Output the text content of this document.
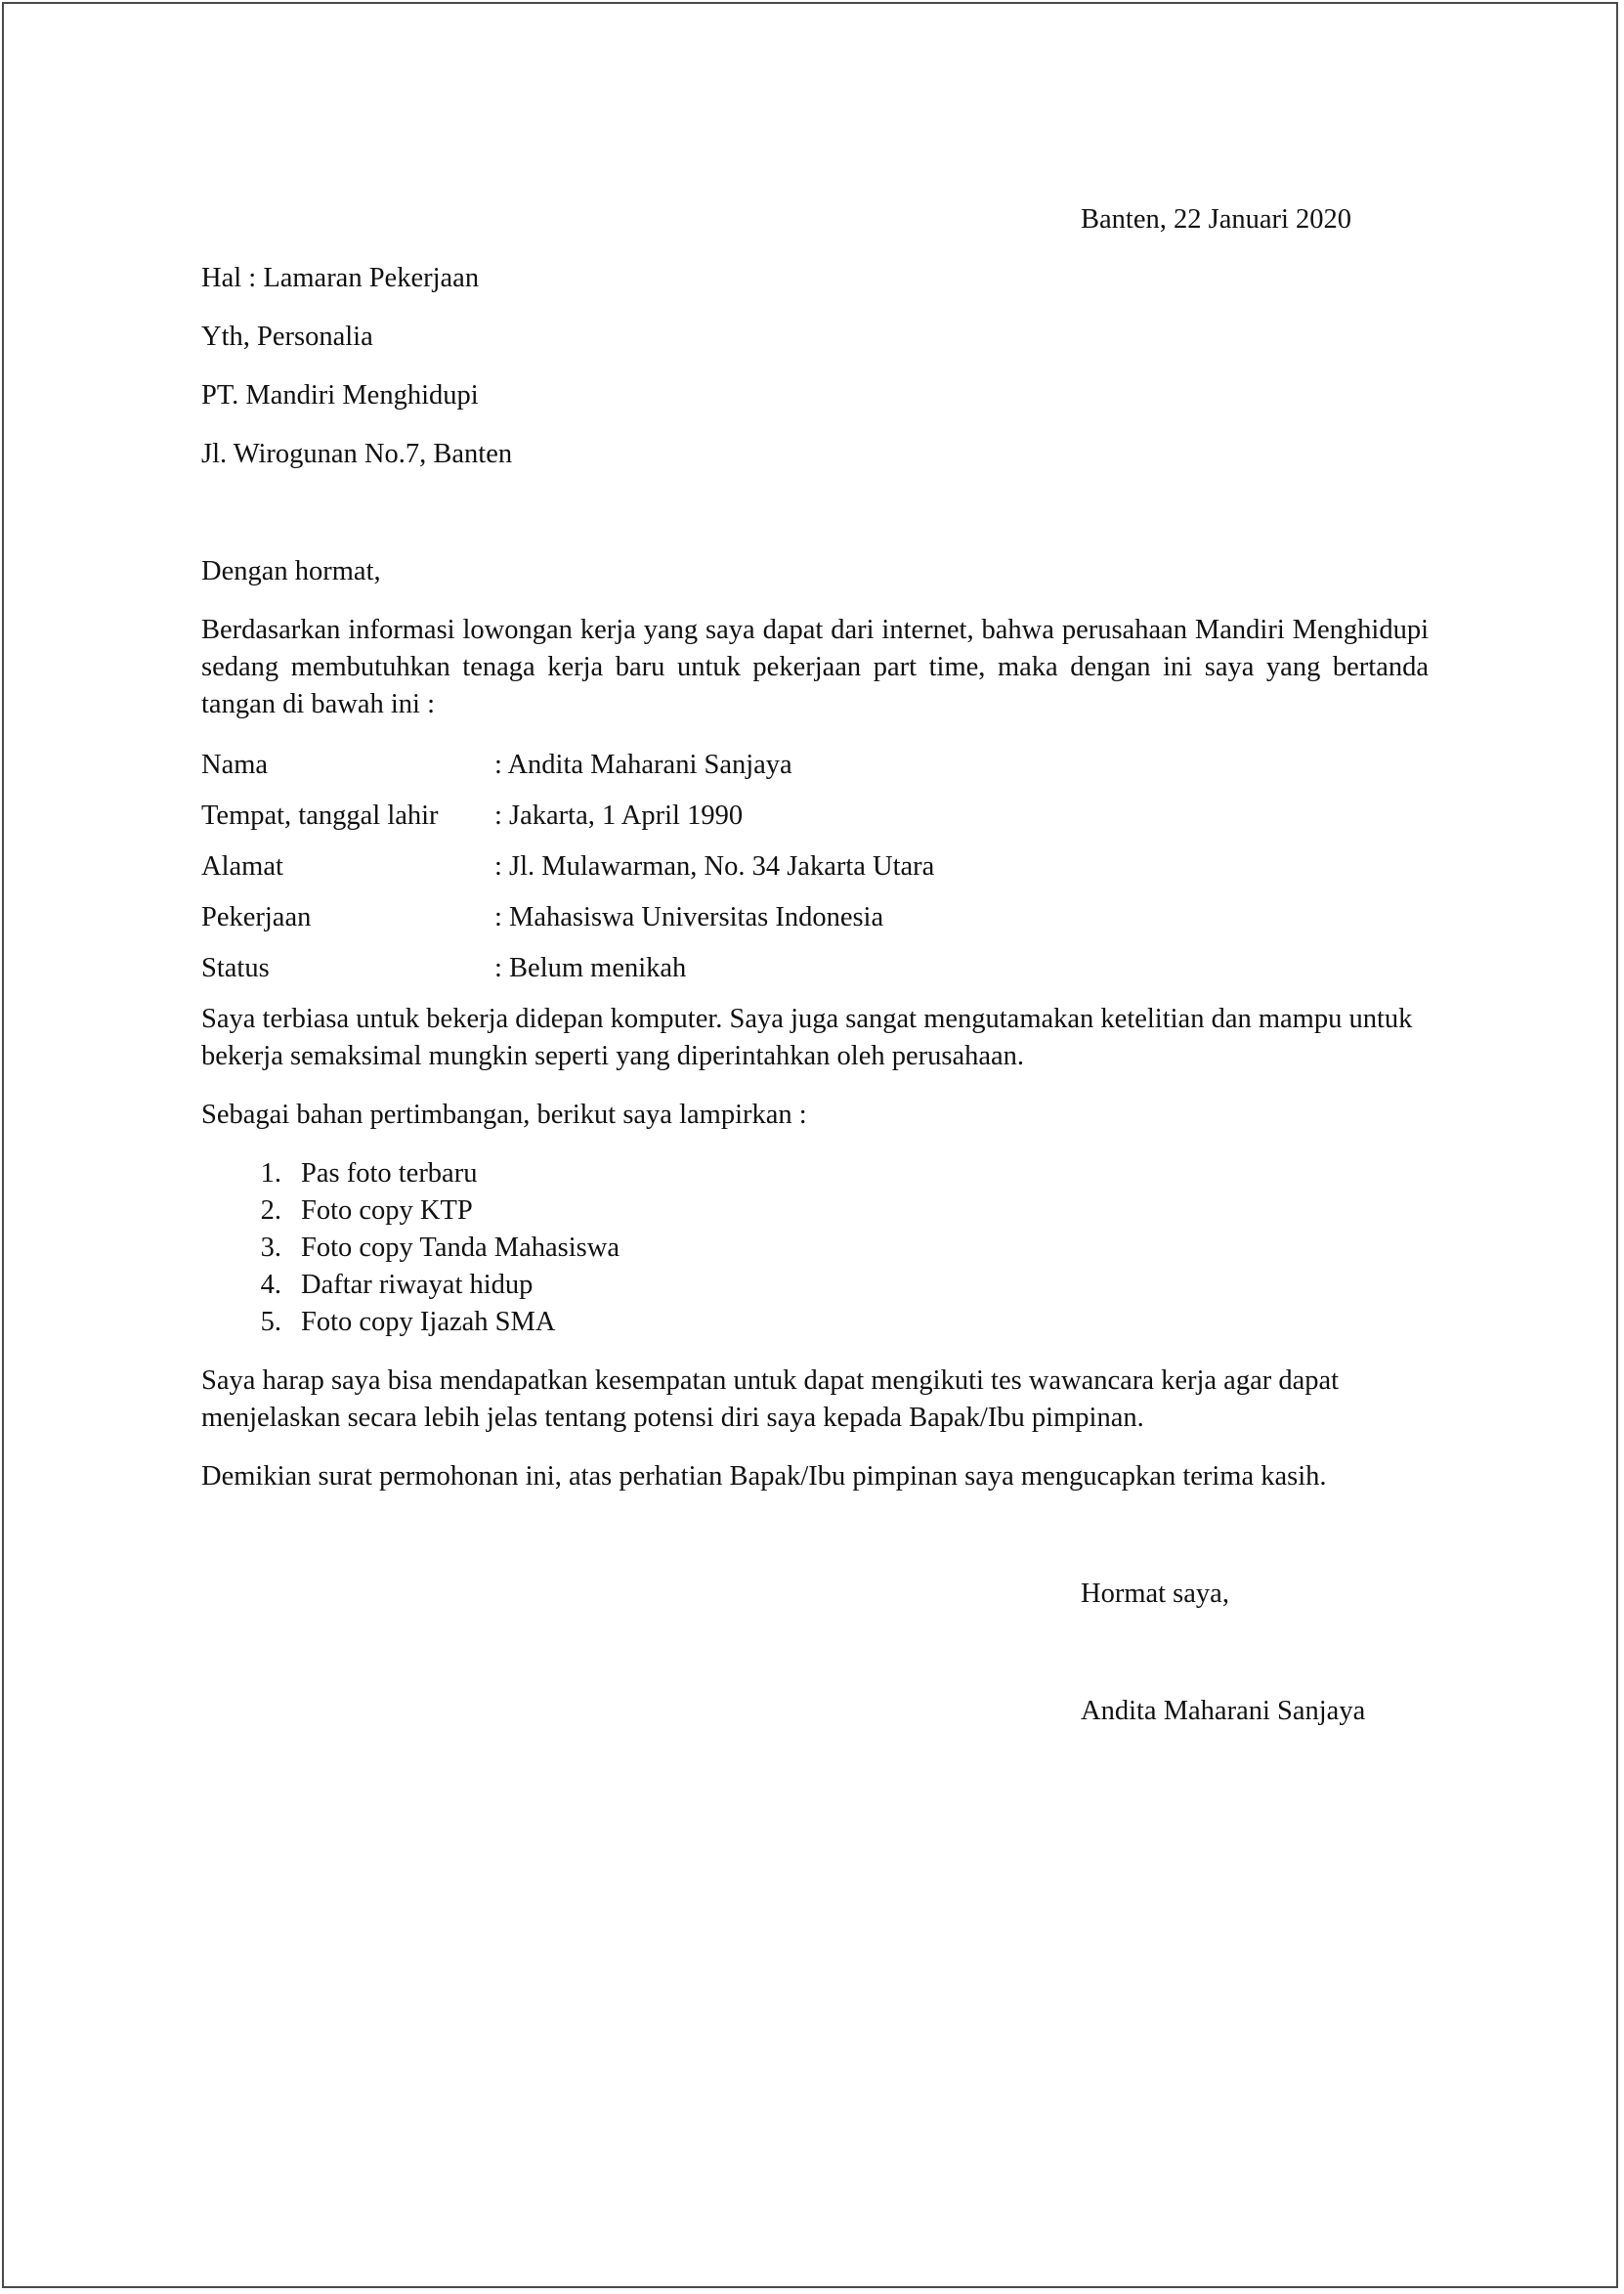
Banten, 22 Januari 2020
Hal : Lamaran Pekerjaan
Yth, Personalia
PT. Mandiri Menghidupi
Jl. Wirogunan No.7, Banten
Dengan hormat,
Berdasarkan informasi lowongan kerja yang saya dapat dari internet, bahwa perusahaan Mandiri Menghidupi sedang membutuhkan tenaga kerja baru untuk pekerjaan part time, maka dengan ini saya yang bertanda tangan di bawah ini :
Nama	: Andita Maharani Sanjaya
Tempat, tanggal lahir : Jakarta, 1 April 1990
Alamat	: Jl. Mulawarman, No. 34 Jakarta Utara
Pekerjaan	: Mahasiswa Universitas Indonesia
Status	: Belum menikah
Saya terbiasa untuk bekerja didepan komputer. Saya juga sangat mengutamakan ketelitian dan mampu untuk bekerja semaksimal mungkin seperti yang diperintahkan oleh perusahaan.
Sebagai bahan pertimbangan, berikut saya lampirkan :
1. Pas foto terbaru
2. Foto copy KTP
3. Foto copy Tanda Mahasiswa
4. Daftar riwayat hidup
5. Foto copy Ijazah SMA
Saya harap saya bisa mendapatkan kesempatan untuk dapat mengikuti tes wawancara kerja agar dapat menjelaskan secara lebih jelas tentang potensi diri saya kepada Bapak/Ibu pimpinan.
Demikian surat permohonan ini, atas perhatian Bapak/Ibu pimpinan saya mengucapkan terima kasih.
Hormat saya,
Andita Maharani Sanjaya
